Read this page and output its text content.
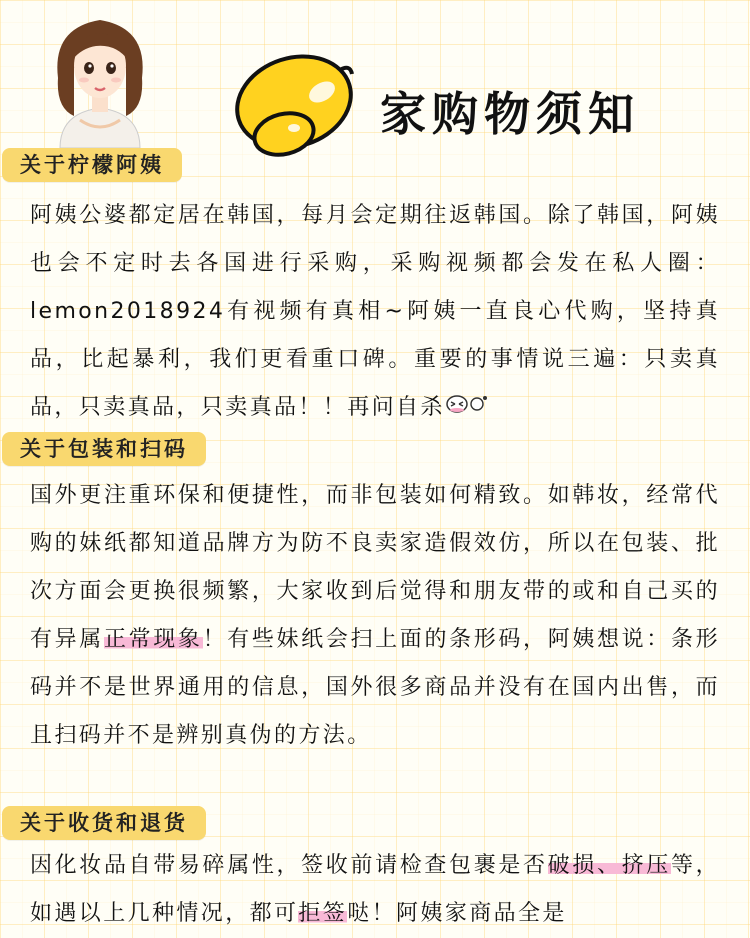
家购物须知
关于柠檬阿姨
阿姨公婆都定居在韩国，每月会定期往返韩国。除了韩国，阿姨也会不定时去各国进行采购，采购视频都会发在私人圈：lemon2018924有视频有真相~阿姨一直良心代购，坚持真品，比起暴利，我们更看重口碑。重要的事情说三遍：只卖真品，只卖真品，只卖真品！！再问自杀
关于包装和扫码
国外更注重环保和便捷性，而非包装如何精致。如韩妆，经常代购的妹纸都知道品牌方为防不良卖家造假效仿，所以在包装、批次方面会更换很频繁，大家收到后觉得和朋友带的或和自己买的有异属正常现象！有些妹纸会扫上面的条形码，阿姨想说：条形码并不是世界通用的信息，国外很多商品并没有在国内出售，而且扫码并不是辨别真伪的方法。
关于收货和退货
因化妆品自带易碎属性，签收前请检查包裹是否破损、挤压等，如遇以上几种情况，都可拒签哒！阿姨家商品全是
